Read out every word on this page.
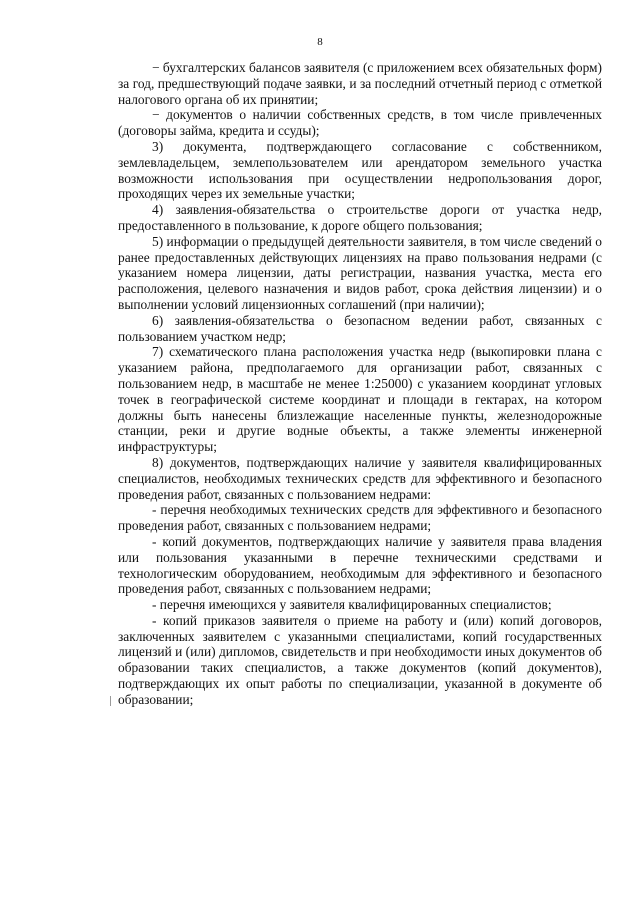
8

− бухгалтерских балансов заявителя (с приложением всех обязательных форм) за год, предшествующий подаче заявки, и за последний отчетный период с отметкой налогового органа об их принятии;

− документов о наличии собственных средств, в том числе привлеченных (договоры займа, кредита и ссуды);

3) документа, подтверждающего согласование с собственником, землевладельцем, землепользователем или арендатором земельного участка возможности использования при осуществлении недропользования дорог, проходящих через их земельные участки;

4) заявления-обязательства о строительстве дороги от участка недр, предоставленного в пользование, к дороге общего пользования;

5) информации о предыдущей деятельности заявителя, в том числе сведений о ранее предоставленных действующих лицензиях на право пользования недрами (с указанием номера лицензии, даты регистрации, названия участка, места его расположения, целевого назначения и видов работ, срока действия лицензии) и о выполнении условий лицензионных соглашений (при наличии);

6) заявления-обязательства о безопасном ведении работ, связанных с пользованием участком недр;

7) схематического плана расположения участка недр (выкопировки плана с указанием района, предполагаемого для организации работ, связанных с пользованием недр, в масштабе не менее 1:25000) с указанием координат угловых точек в географической системе координат и площади в гектарах, на котором должны быть нанесены близлежащие населенные пункты, железнодорожные станции, реки и другие водные объекты, а также элементы инженерной инфраструктуры;

8) документов, подтверждающих наличие у заявителя квалифицированных специалистов, необходимых технических средств для эффективного и безопасного проведения работ, связанных с пользованием недрами:

- перечня необходимых технических средств для эффективного и безопасного проведения работ, связанных с пользованием недрами;

- копий документов, подтверждающих наличие у заявителя права владения или пользования указанными в перечне техническими средствами и технологическим оборудованием, необходимым для эффективного и безопасного проведения работ, связанных с пользованием недрами;

- перечня имеющихся у заявителя квалифицированных специалистов;

- копий приказов заявителя о приеме на работу и (или) копий договоров, заключенных заявителем с указанными специалистами, копий государственных лицензий и (или) дипломов, свидетельств и при необходимости иных документов об образовании таких специалистов, а также документов (копий документов), подтверждающих их опыт работы по специализации, указанной в документе об образовании;
